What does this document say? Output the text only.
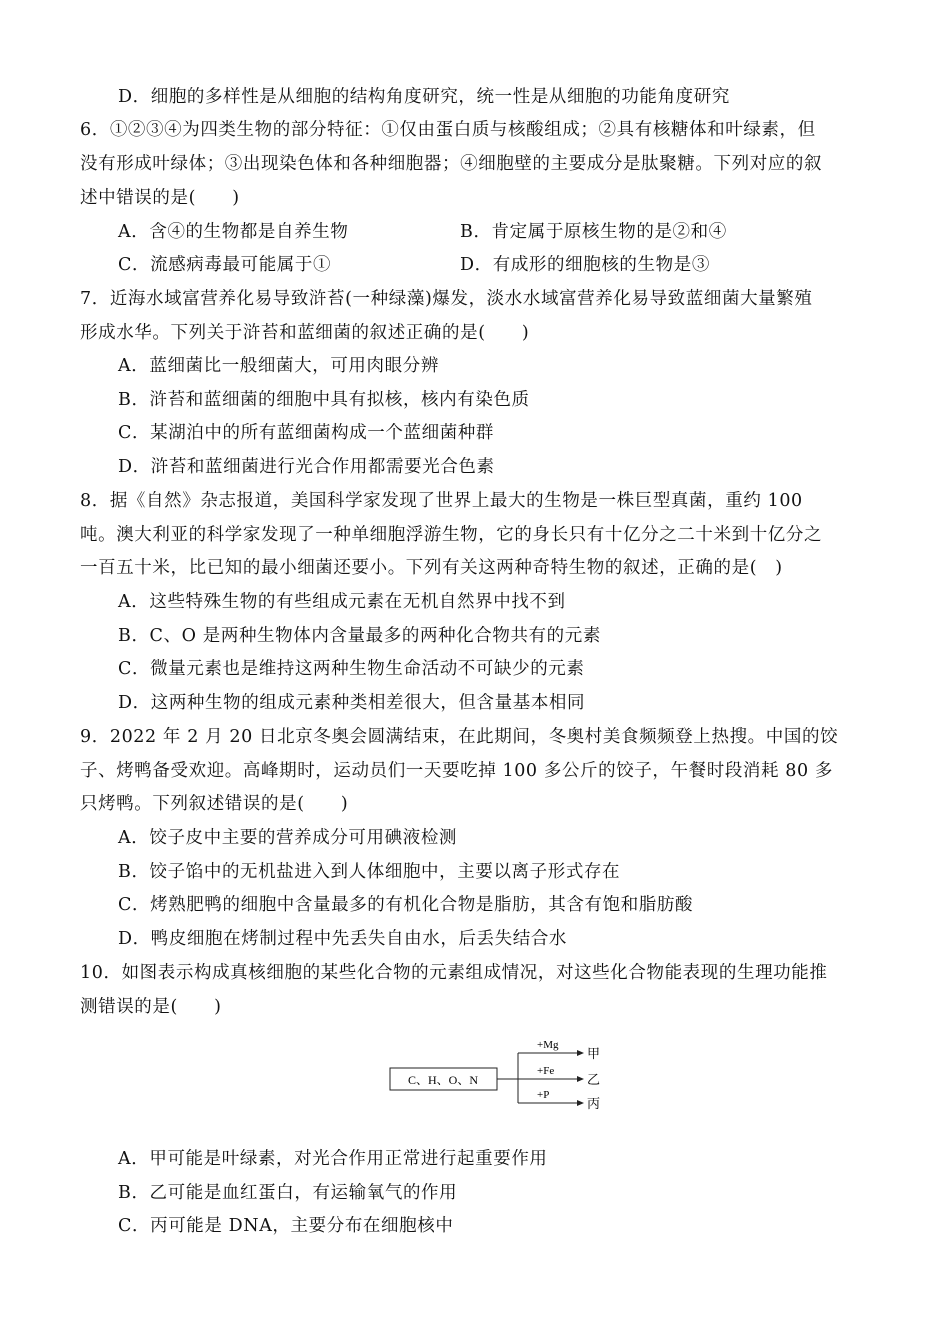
D．细胞的多样性是从细胞的结构角度研究，统一性是从细胞的功能角度研究
6．①②③④为四类生物的部分特征：①仅由蛋白质与核酸组成；②具有核糖体和叶绿素，但
没有形成叶绿体；③出现染色体和各种细胞器；④细胞壁的主要成分是肽聚糖。下列对应的叙
述中错误的是(　　)
A．含④的生物都是自养生物	B．肯定属于原核生物的是②和④
C．流感病毒最可能属于①	D．有成形的细胞核的生物是③
7．近海水域富营养化易导致浒苔(一种绿藻)爆发，淡水水域富营养化易导致蓝细菌大量繁殖
形成水华。下列关于浒苔和蓝细菌的叙述正确的是(　　)
A．蓝细菌比一般细菌大，可用肉眼分辨
B．浒苔和蓝细菌的细胞中具有拟核，核内有染色质
C．某湖泊中的所有蓝细菌构成一个蓝细菌种群
D．浒苔和蓝细菌进行光合作用都需要光合色素
8．据《自然》杂志报道，美国科学家发现了世界上最大的生物是一株巨型真菌，重约 100
吨。澳大利亚的科学家发现了一种单细胞浮游生物，它的身长只有十亿分之二十米到十亿分之
一百五十米，比已知的最小细菌还要小。下列有关这两种奇特生物的叙述，正确的是(　)
A．这些特殊生物的有些组成元素在无机自然界中找不到
B．C、O 是两种生物体内含量最多的两种化合物共有的元素
C．微量元素也是维持这两种生物生命活动不可缺少的元素
D．这两种生物的组成元素种类相差很大，但含量基本相同
9．2022 年 2 月 20 日北京冬奥会圆满结束，在此期间，冬奥村美食频频登上热搜。中国的饺
子、烤鸭备受欢迎。高峰期时，运动员们一天要吃掉 100 多公斤的饺子，午餐时段消耗 80 多
只烤鸭。下列叙述错误的是(　　)
A．饺子皮中主要的营养成分可用碘液检测
B．饺子馅中的无机盐进入到人体细胞中，主要以离子形式存在
C．烤熟肥鸭的细胞中含量最多的有机化合物是脂肪，其含有饱和脂肪酸
D．鸭皮细胞在烤制过程中先丢失自由水，后丢失结合水
10．如图表示构成真核细胞的某些化合物的元素组成情况，对这些化合物能表现的生理功能推
测错误的是(　　)
C、H、O、N
+Mg
+Fe
+P
甲
乙
丙
A．甲可能是叶绿素，对光合作用正常进行起重要作用
B．乙可能是血红蛋白，有运输氧气的作用
C．丙可能是 DNA，主要分布在细胞核中
